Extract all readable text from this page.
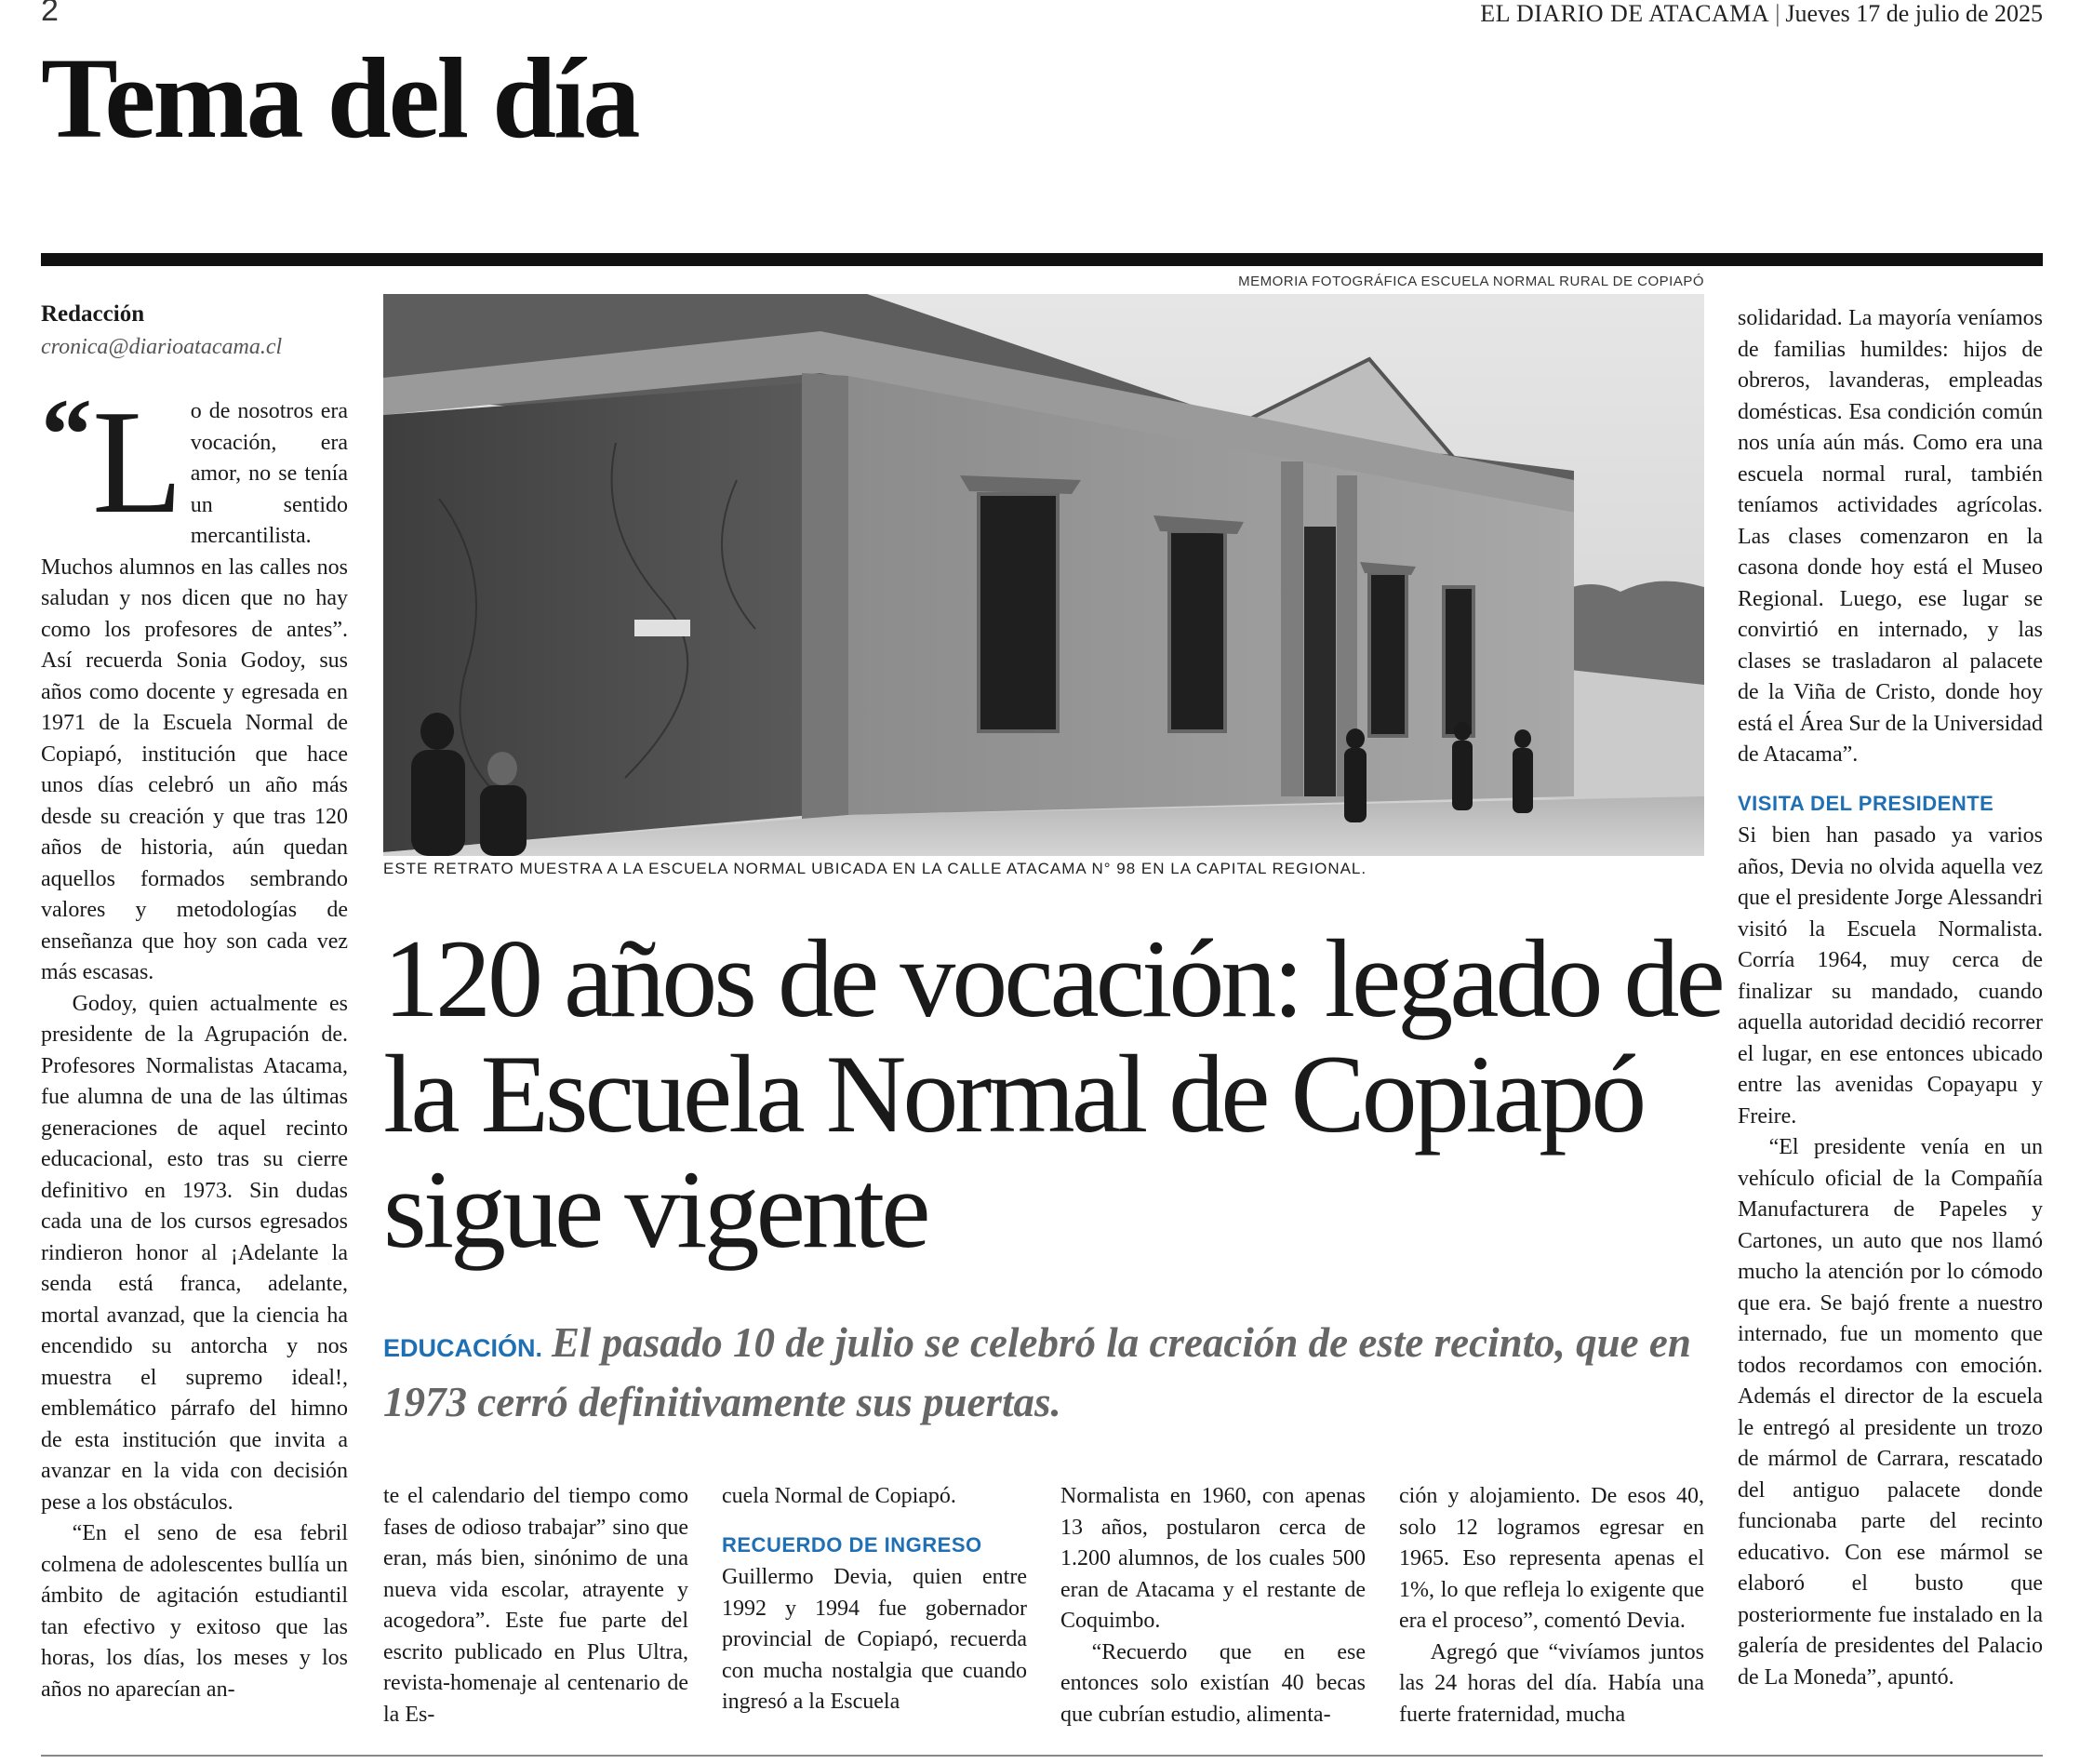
2	EL DIARIO DE ATACAMA | Jueves 17 de julio de 2025
Tema del día
Redacción
cronica@diarioatacama.cl
“ L o de nosotros era vocación, era amor, no se tenía un sentido mercantilista. Muchos alumnos en las calles nos saludan y nos dicen que no hay como los profesores de antes”. Así recuerda Sonia Godoy, sus años como docente y egresada en 1971 de la Escuela Normal de Copiapó, institución que hace unos días celebró un año más desde su creación y que tras 120 años de historia, aún quedan aquellos formados sembrando valores y metodologías de enseñanza que hoy son cada vez más escasas.

Godoy, quien actualmente es presidente de la Agrupación de. Profesores Normalistas Atacama, fue alumna de una de las últimas generaciones de aquel recinto educacional, esto tras su cierre definitivo en 1973. Sin dudas cada una de los cursos egresados rindieron honor al ¡Adelante la senda está franca, adelante, mortal avanzad, que la ciencia ha encendido su antorcha y nos muestra el supremo ideal!, emblemático párrafo del himno de esta institución que invita a avanzar en la vida con decisión pese a los obstáculos.

“En el seno de esa febril colmena de adolescentes bullía un ámbito de agitación estudiantil tan efectivo y exitoso que las horas, los días, los meses y los años no aparecían an-

MEMORIA FOTOGRÁFICA ESCUELA NORMAL RURAL DE COPIAPÓ
ESTE RETRATO MUESTRA A LA ESCUELA NORMAL UBICADA EN LA CALLE ATACAMA N° 98 EN LA CAPITAL REGIONAL.
120 años de vocación: legado de la Escuela Normal de Copiapó sigue vigente
EDUCACIÓN. El pasado 10 de julio se celebró la creación de este recinto, que en 1973 cerró definitivamente sus puertas.

te el calendario del tiempo como fases de odioso trabajar” sino que eran, más bien, sinónimo de una nueva vida escolar, atrayente y acogedora”. Este fue parte del escrito publicado en Plus Ultra, revista-homenaje al centenario de la Es-

cuela Normal de Copiapó.

RECUERDO DE INGRESO

Guillermo Devia, quien entre 1992 y 1994 fue gobernador provincial de Copiapó, recuerda con mucha nostalgia que cuando ingresó a la Escuela

Normalista en 1960, con apenas 13 años, postularon cerca de 1.200 alumnos, de los cuales 500 eran de Atacama y el restante de Coquimbo.

“Recuerdo que en ese entonces solo existían 40 becas que cubrían estudio, alimenta-

ción y alojamiento. De esos 40, solo 12 logramos egresar en 1965. Eso representa apenas el 1%, lo que refleja lo exigente que era el proceso”, comentó Devia.

Agregó que “vivíamos juntos las 24 horas del día. Había una fuerte fraternidad, mucha

solidaridad. La mayoría veníamos de familias humildes: hijos de obreros, lavanderas, empleadas domésticas. Esa condición común nos unía aún más. Como era una escuela normal rural, también teníamos actividades agrícolas. Las clases comenzaron en la casona donde hoy está el Museo Regional. Luego, ese lugar se convirtió en internado, y las clases se trasladaron al palacete de la Viña de Cristo, donde hoy está el Área Sur de la Universidad de Atacama”.

VISITA DEL PRESIDENTE

Si bien han pasado ya varios años, Devia no olvida aquella vez que el presidente Jorge Alessandri visitó la Escuela Normalista. Corría 1964, muy cerca de finalizar su mandado, cuando aquella autoridad decidió recorrer el lugar, en ese entonces ubicado entre las avenidas Copayapu y Freire.

“El presidente venía en un vehículo oficial de la Compañía Manufacturera de Papeles y Cartones, un auto que nos llamó mucho la atención por lo cómodo que era. Se bajó frente a nuestro internado, fue un momento que todos recordamos con emoción. Además el director de la escuela le entregó al presidente un trozo de mármol de Carrara, rescatado del antiguo palacete donde funcionaba parte del recinto educativo. Con ese mármol se elaboró el busto que posteriormente fue instalado en la galería de presidentes del Palacio de La Moneda”, apuntó.
